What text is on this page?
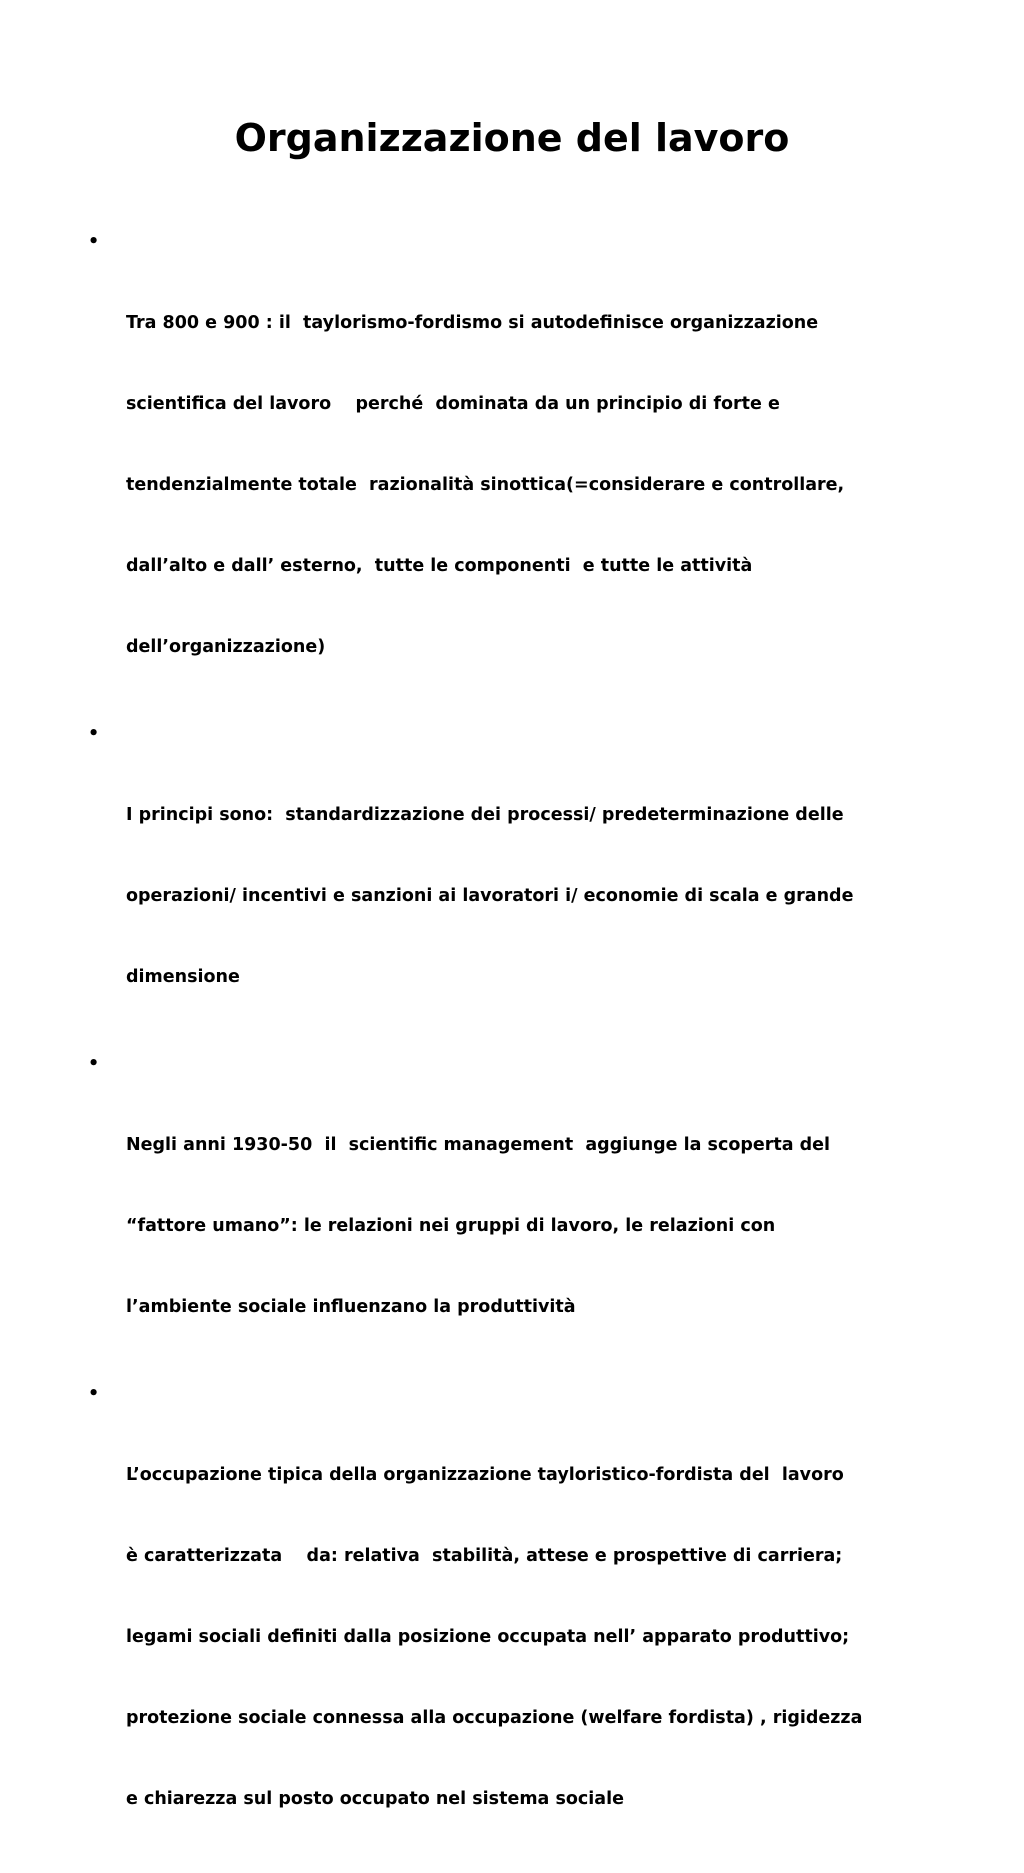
Organizzazione del lavoro

•

Tra 800 e 900 : il  taylorismo-fordismo si autodefinisce organizzazione

scientifica del lavoro    perché  dominata da un principio di forte e

tendenzialmente totale  razionalità sinottica(=considerare e controllare,

dall’alto e dall’ esterno,  tutte le componenti  e tutte le attività

dell’organizzazione)

•

I principi sono:  standardizzazione dei processi/ predeterminazione delle

operazioni/ incentivi e sanzioni ai lavoratori i/ economie di scala e grande

dimensione

•

Negli anni 1930-50  il  scientific management  aggiunge la scoperta del

“fattore umano”: le relazioni nei gruppi di lavoro, le relazioni con

l’ambiente sociale influenzano la produttività

•

L’occupazione tipica della organizzazione tayloristico-fordista del  lavoro

è caratterizzata    da: relativa  stabilità, attese e prospettive di carriera;

legami sociali definiti dalla posizione occupata nell’ apparato produttivo;

protezione sociale connessa alla occupazione (welfare fordista) , rigidezza

e chiarezza sul posto occupato nel sistema sociale
